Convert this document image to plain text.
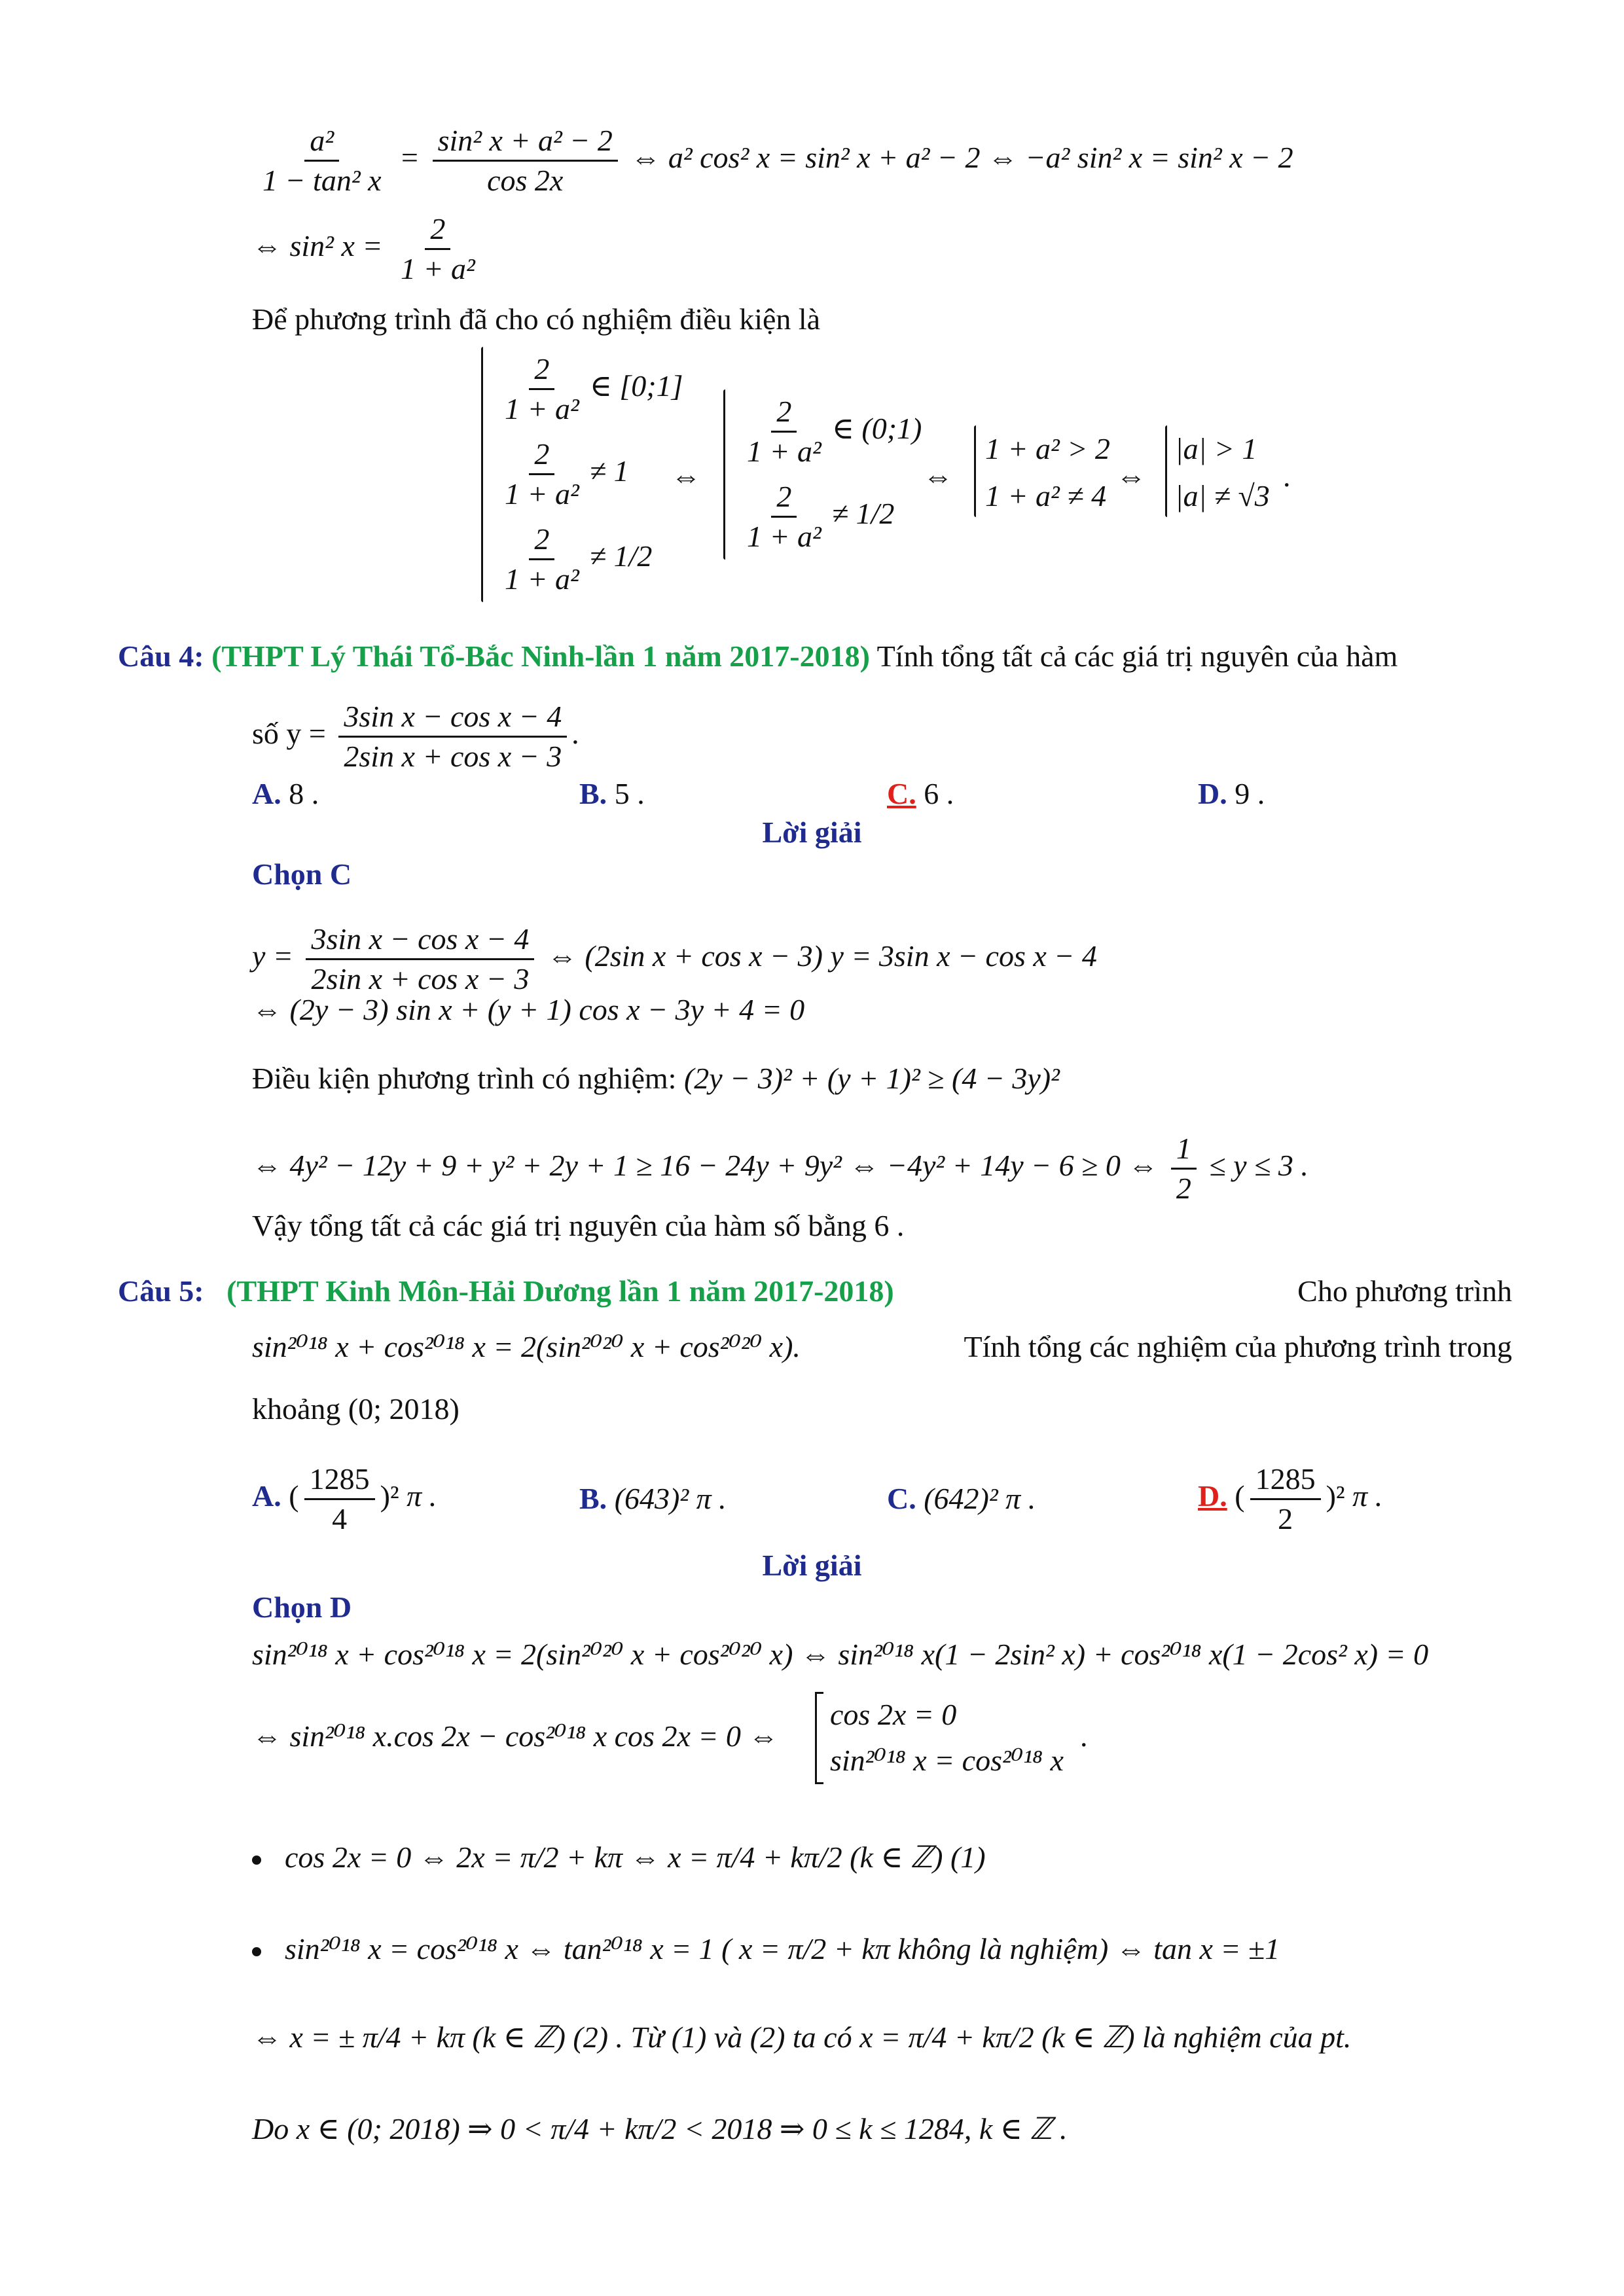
$\frac{\text{a²}}{\text{1 − tan² x}} = \frac{\text{sin² x + a² − 2}}{\cos 2x}$ ⇔ a² cos² x = sin² x + a² − 2 ⇔ −a² sin² x = sin² x − 2
⇔ sin² $x = \frac{2}{\text{1 + a²}}$
Để phương trình đã cho có nghiệm điều kiện là
$\frac{2}{\text{1 + a²}}$ ∈ [0;1]
$\frac{2}{\text{1 + a²}} \ne 1$
$\frac{2}{\text{1 + a²}} \ne 1/2$
⇔
$\frac{2}{\text{1 + a²}}$ ∈ (0;1)
$\frac{2}{\text{1 + a²}} \ne 1/2$
⇔
1 + a² > 2
1 + a² ≠ 4
⇔
|a| > 1
|a| ≠ √3
.
Câu 4: (THPT Lý Thái Tổ-Bắc Ninh-lần 1 năm 2017-2018) Tính tổng tất cả các giá trị nguyên của hàm
số $y = \frac{\text{3sin x − cos x − 4}}{\text{2sin x + cos x − 3}}$ .
A. 8 .	B. 5 .	C. 6 .	D. 9 .
Lời giải
Chọn C
$y = \frac{\text{3sin x − cos x − 4}}{\text{2sin x + cos x − 3}}$ ⇔ (2sin x + cos x − 3) y = 3sin x − cos x − 4
⇔ (2y − 3) sin x + (y + 1) cos x − 3y + 4 = 0
Điều kiện phương trình có nghiệm: (2y − 3)² + (y + 1)² ≥ (4 − 3y)²
⇔ 4y² − 12y + 9 + y² + 2y + 1 ≥ 16 − 24y + 9y² ⇔ −4y² + 14y − 6 ≥ 0 ⇔ $\frac{1}{2} \le y \le 3$ .
Vậy tổng tất cả các giá trị nguyên của hàm số bằng 6 .
Câu 5: (THPT Kinh Môn-Hải Dương lần 1 năm 2017-2018)	Cho phương trình
sin²⁰¹⁸ x + cos²⁰¹⁸ x = 2(sin²⁰²⁰ x + cos²⁰²⁰ x).	Tính tổng các nghiệm của phương trình trong
khoảng (0; 2018)
A. ( $\frac{1285}{4} )^2$ π .	B. (643)² π .	C. (642)² π .	D. ( $\frac{1285}{2} )^2$ π .
Lời giải
Chọn D
sin²⁰¹⁸ x + cos²⁰¹⁸ x = 2(sin²⁰²⁰ x + cos²⁰²⁰ x) ⇔ sin²⁰¹⁸ x(1 − 2sin² x) + cos²⁰¹⁸ x(1 − 2cos² x) = 0
⇔ sin²⁰¹⁸ x.cos 2x − cos²⁰¹⁸ x cos 2x = 0 ⇔
cos 2x = 0
sin²⁰¹⁸ x = cos²⁰¹⁸ x
.
cos 2x = 0 ⇔ 2x = π/2 + kπ ⇔ x = π/4 + kπ/2 (k ∈ ℤ) (1)
sin²⁰¹⁸ x = cos²⁰¹⁸ x ⇔ tan²⁰¹⁸ x = 1 ( x = π/2 + kπ không là nghiệm) ⇔ tan x = ±1
⇔ x = ± π/4 + kπ (k ∈ ℤ) (2) . Từ (1) và (2) ta có x = π/4 + kπ/2 (k ∈ ℤ) là nghiệm của pt.
Do x ∈ (0; 2018) ⇒ 0 < π/4 + kπ/2 < 2018 ⇒ 0 ≤ k ≤ 1284, k ∈ ℤ .
